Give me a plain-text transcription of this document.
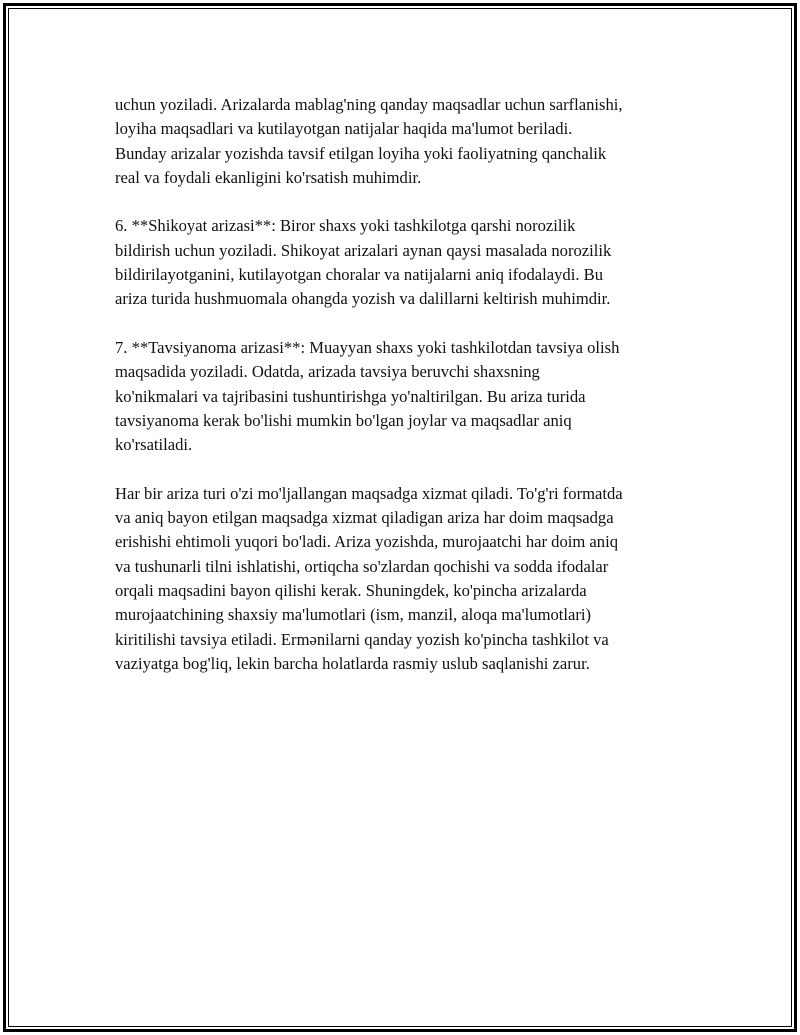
uchun yoziladi. Arizalarda mablag'ning qanday maqsadlar uchun sarflanishi,
loyiha maqsadlari va kutilayotgan natijalar haqida ma'lumot beriladi.
Bunday arizalar yozishda tavsif etilgan loyiha yoki faoliyatning qanchalik
real va foydali ekanligini ko'rsatish muhimdir.

6. **Shikoyat arizasi**: Biror shaxs yoki tashkilotga qarshi norozilik
bildirish uchun yoziladi. Shikoyat arizalari aynan qaysi masalada norozilik
bildirilayotganini, kutilayotgan choralar va natijalarni aniq ifodalaydi. Bu
ariza turida hushmuomala ohangda yozish va dalillarni keltirish muhimdir.

7. **Tavsiyanoma arizasi**: Muayyan shaxs yoki tashkilotdan tavsiya olish
maqsadida yoziladi. Odatda, arizada tavsiya beruvchi shaxsning
ko'nikmalari va tajribasini tushuntirishga yo'naltirilgan. Bu ariza turida
tavsiyanoma kerak bo'lishi mumkin bo'lgan joylar va maqsadlar aniq
ko'rsatiladi.

Har bir ariza turi o'zi mo'ljallangan maqsadga xizmat qiladi. To'g'ri formatda
va aniq bayon etilgan maqsadga xizmat qiladigan ariza har doim maqsadga
erishishi ehtimoli yuqori bo'ladi. Ariza yozishda, murojaatchi har doim aniq
va tushunarli tilni ishlatishi, ortiqcha so'zlardan qochishi va sodda ifodalar
orqali maqsadini bayon qilishi kerak. Shuningdek, ko'pincha arizalarda
murojaatchining shaxsiy ma'lumotlari (ism, manzil, aloqa ma'lumotlari)
kiritilishi tavsiya etiladi. Ermənilarni qanday yozish ko'pincha tashkilot va
vaziyatga bog'liq, lekin barcha holatlarda rasmiy uslub saqlanishi zarur.
